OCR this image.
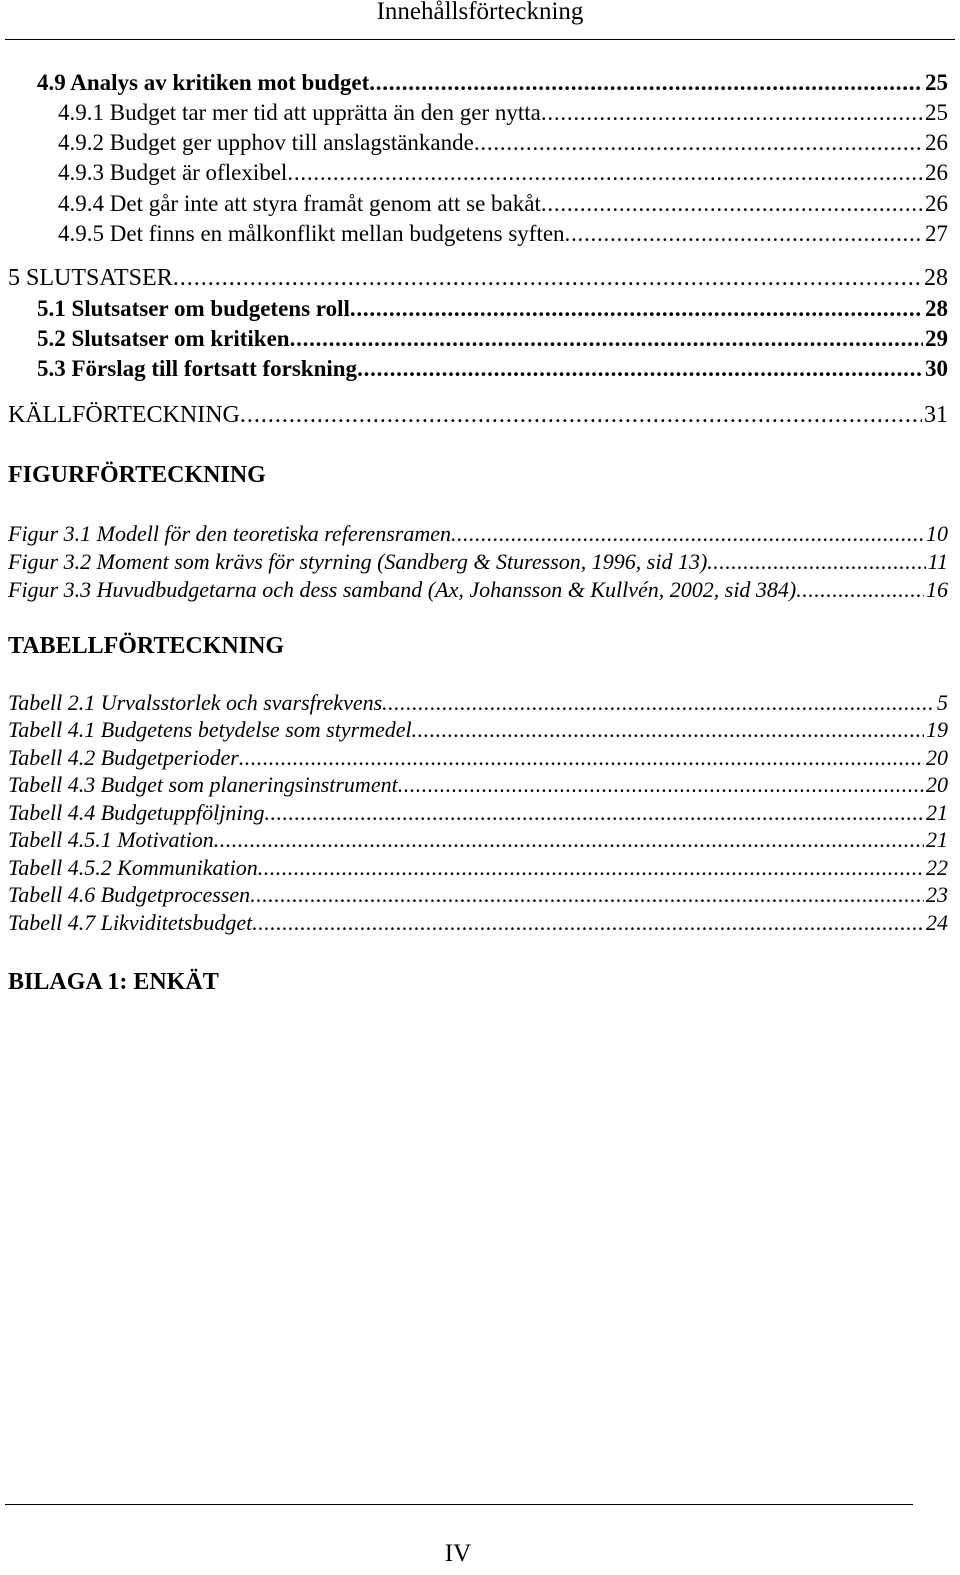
Innehållsförteckning
4.9 Analys av kritiken mot budget . . .	25
4.9.1 Budget tar mer tid att upprätta än den ger nytta . . .	25
4.9.2 Budget ger upphov till anslagstänkande . . .	26
4.9.3 Budget är oflexibel . . .	26
4.9.4 Det går inte att styra framåt genom att se bakåt . . .	26
4.9.5 Det finns en målkonflikt mellan budgetens syften . . .	27
5 SLUTSATSER . . .	28
5.1 Slutsatser om budgetens roll . . .	28
5.2 Slutsatser om kritiken . . .	29
5.3 Förslag till fortsatt forskning . . .	30
KÄLLFÖRTECKNING . . .	31
FIGURFÖRTECKNING
Figur 3.1 Modell för den teoretiska referensramen . . .	10
Figur 3.2 Moment som krävs för styrning (Sandberg & Sturesson, 1996, sid 13) . . .	11
Figur 3.3 Huvudbudgetarna och dess samband (Ax, Johansson & Kullvén, 2002, sid 384) . . .	16
TABELLFÖRTECKNING
Tabell 2.1 Urvalsstorlek och svarsfrekvens . . .	5
Tabell 4.1 Budgetens betydelse som styrmedel . . .	19
Tabell 4.2 Budgetperioder . . .	20
Tabell 4.3 Budget som planeringsinstrument . . .	20
Tabell 4.4 Budgetuppföljning . . .	21
Tabell 4.5.1 Motivation . . .	21
Tabell 4.5.2 Kommunikation . . .	22
Tabell 4.6 Budgetprocessen . . .	23
Tabell 4.7 Likviditetsbudget . . .	24
BILAGA 1: ENKÄT
IV
